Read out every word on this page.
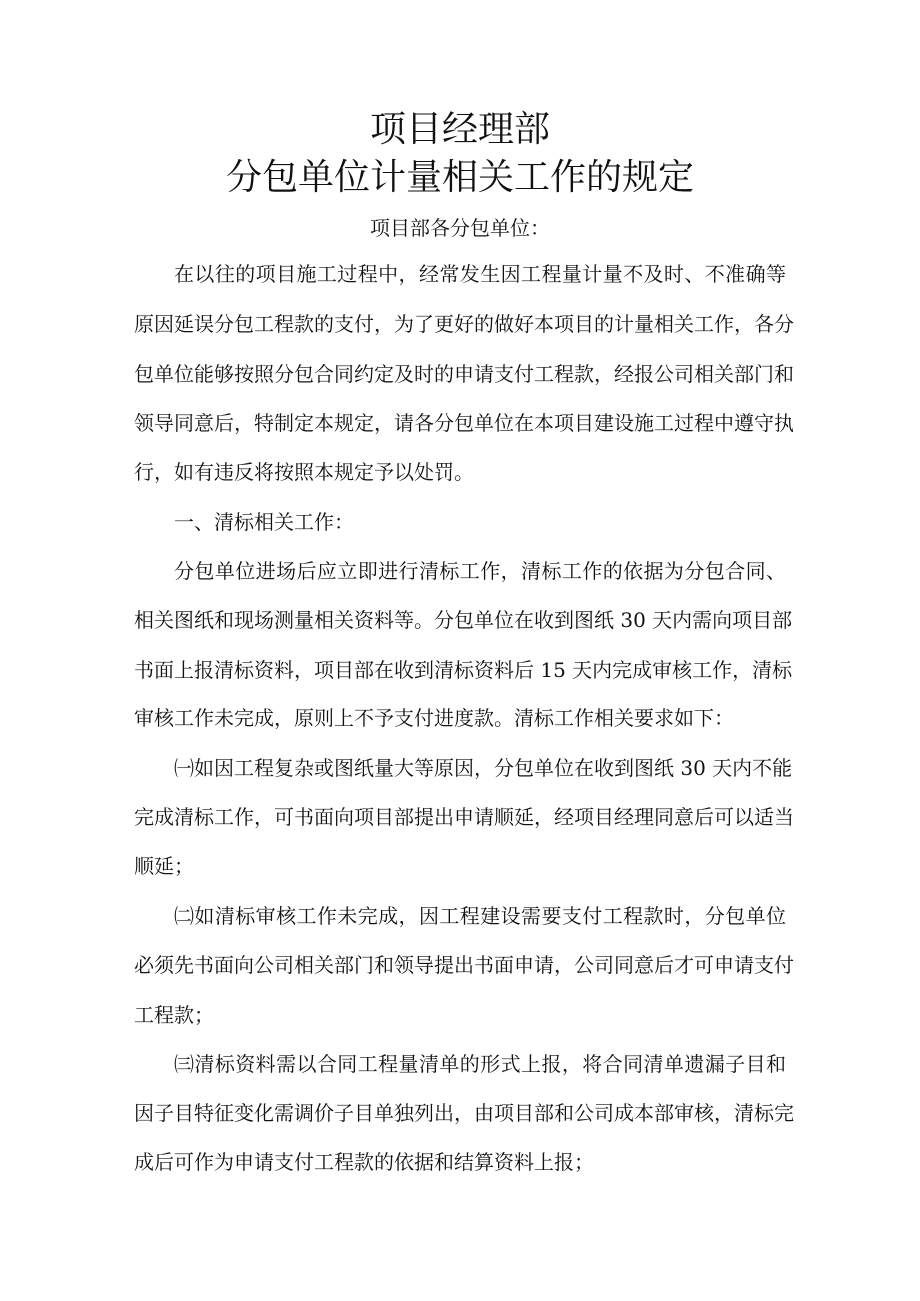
项目经理部
分包单位计量相关工作的规定
项目部各分包单位：
在以往的项目施工过程中，经常发生因工程量计量不及时、不准确等
原因延误分包工程款的支付，为了更好的做好本项目的计量相关工作，各分
包单位能够按照分包合同约定及时的申请支付工程款，经报公司相关部门和
领导同意后，特制定本规定，请各分包单位在本项目建设施工过程中遵守执
行，如有违反将按照本规定予以处罚。
一、清标相关工作：
分包单位进场后应立即进行清标工作，清标工作的依据为分包合同、
相关图纸和现场测量相关资料等。分包单位在收到图纸 30 天内需向项目部
书面上报清标资料，项目部在收到清标资料后 15 天内完成审核工作，清标
审核工作未完成，原则上不予支付进度款。清标工作相关要求如下：
㈠如因工程复杂或图纸量大等原因，分包单位在收到图纸 30 天内不能
完成清标工作，可书面向项目部提出申请顺延，经项目经理同意后可以适当
顺延；
㈡如清标审核工作未完成，因工程建设需要支付工程款时，分包单位
必须先书面向公司相关部门和领导提出书面申请，公司同意后才可申请支付
工程款；
㈢清标资料需以合同工程量清单的形式上报，将合同清单遗漏子目和
因子目特征变化需调价子目单独列出，由项目部和公司成本部审核，清标完
成后可作为申请支付工程款的依据和结算资料上报；
